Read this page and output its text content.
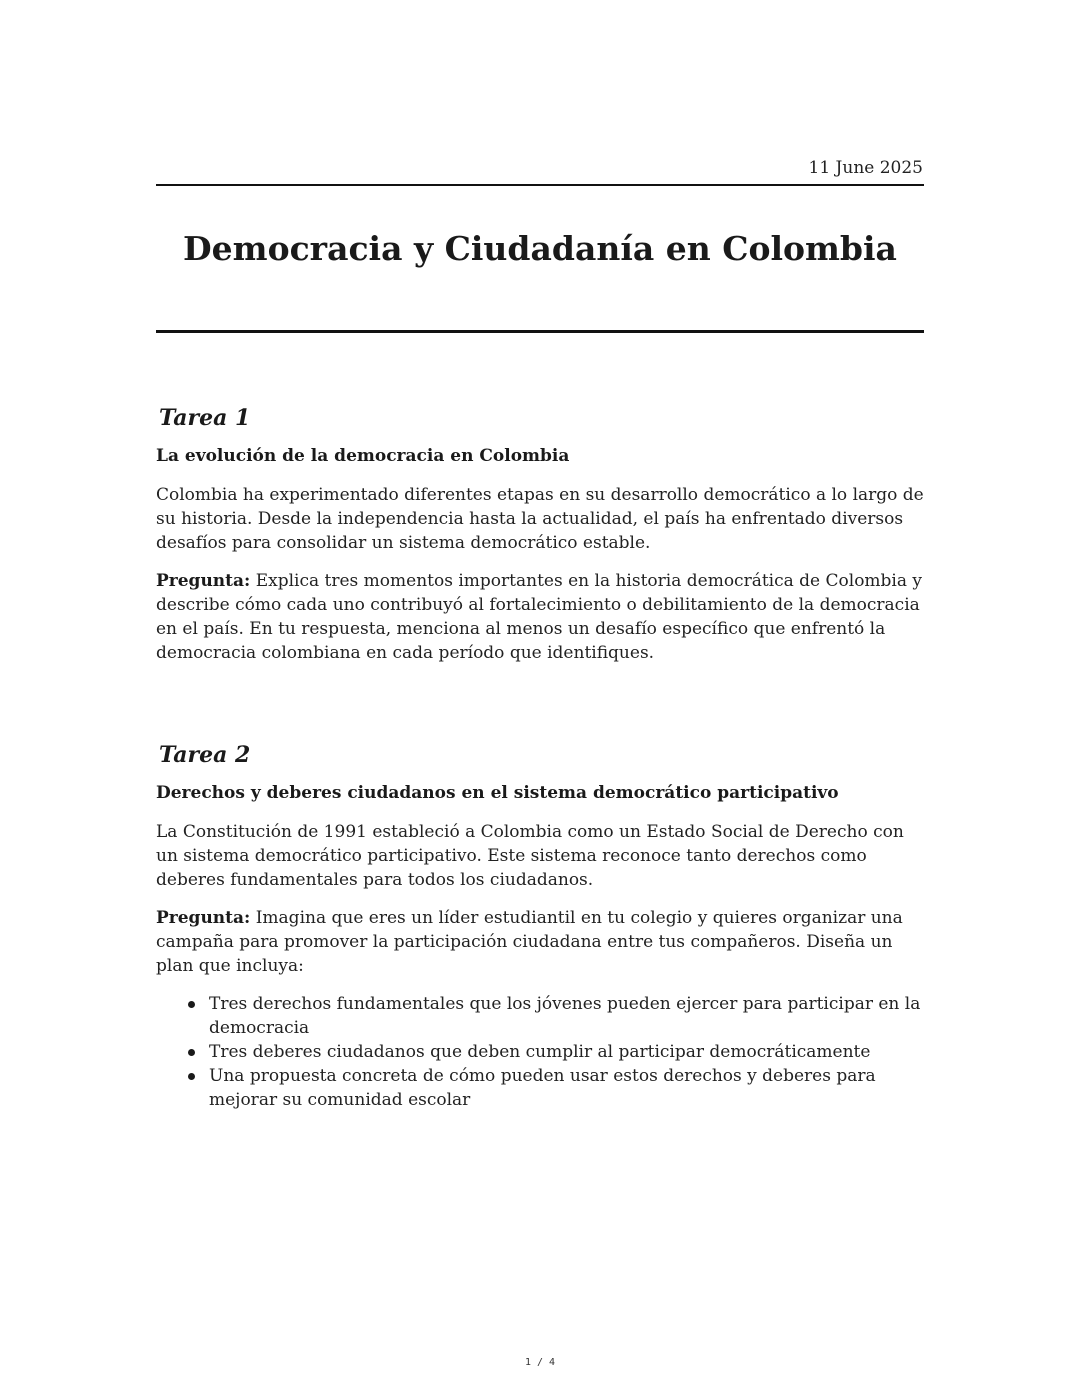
11 June 2025
Democracia y Ciudadanía en Colombia
Tarea 1
La evolución de la democracia en Colombia

Colombia ha experimentado diferentes etapas en su desarrollo democrático a lo largo de su historia. Desde la independencia hasta la actualidad, el país ha enfrentado diversos desafíos para consolidar un sistema democrático estable.

Pregunta: Explica tres momentos importantes en la historia democrática de Colombia y describe cómo cada uno contribuyó al fortalecimiento o debilitamiento de la democracia en el país. En tu respuesta, menciona al menos un desafío específico que enfrentó la democracia colombiana en cada período que identifiques.

Tarea 2
Derechos y deberes ciudadanos en el sistema democrático participativo

La Constitución de 1991 estableció a Colombia como un Estado Social de Derecho con un sistema democrático participativo. Este sistema reconoce tanto derechos como deberes fundamentales para todos los ciudadanos.

Pregunta: Imagina que eres un líder estudiantil en tu colegio y quieres organizar una campaña para promover la participación ciudadana entre tus compañeros. Diseña un plan que incluya:

Tres derechos fundamentales que los jóvenes pueden ejercer para participar en la democracia
Tres deberes ciudadanos que deben cumplir al participar democráticamente
Una propuesta concreta de cómo pueden usar estos derechos y deberes para mejorar su comunidad escolar
1 / 4
